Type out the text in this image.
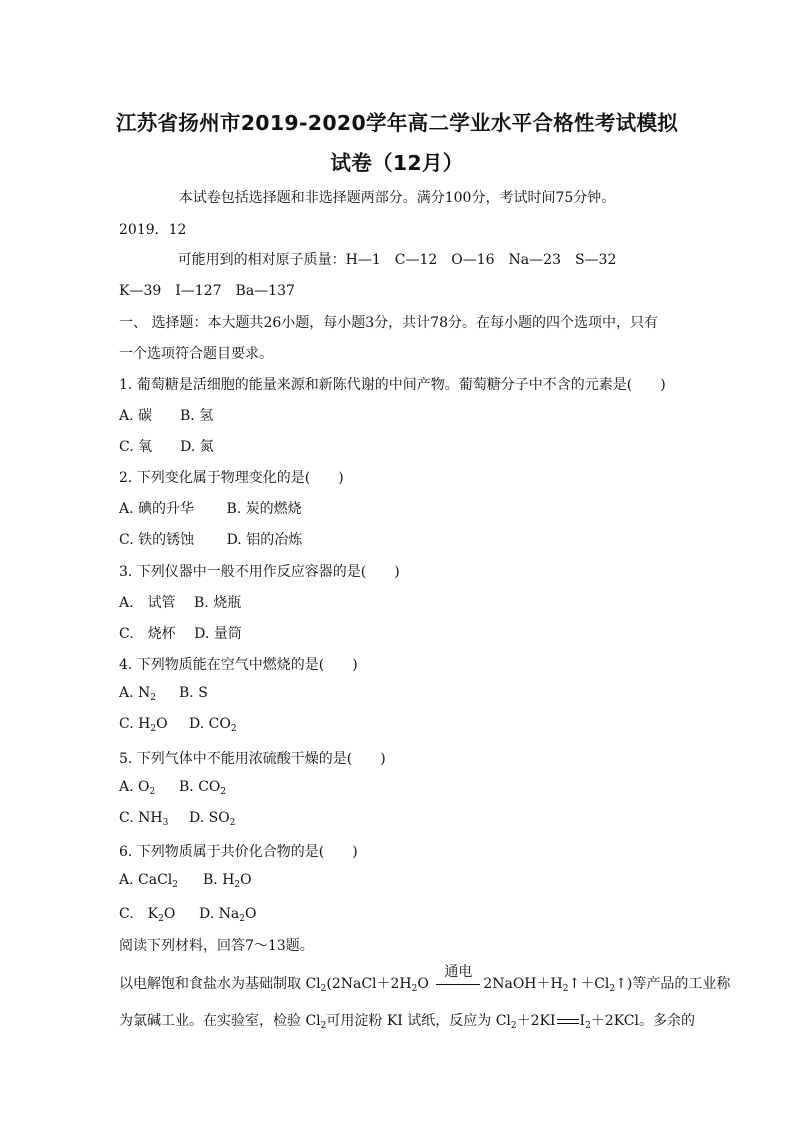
江苏省扬州市2019-2020学年高二学业水平合格性考试模拟
试卷（12月）
本试卷包括选择题和非选择题两部分。满分100分，考试时间75分钟。
2019．12
可能用到的相对原子质量：H—1　C—12　O—16　Na—23　S—32
K—39　I—127　Ba—137
一、 选择题：本大题共26小题，每小题3分，共计78分。在每小题的四个选项中，只有
一个选项符合题目要求。
1. 葡萄糖是活细胞的能量来源和新陈代谢的中间产物。葡萄糖分子中不含的元素是(　　)
A. 碳　　B. 氢
C. 氧　　D. 氮
2. 下列变化属于物理变化的是(　　)
A. 碘的升华　　 B. 炭的燃烧
C. 铁的锈蚀　　 D. 铝的冶炼
3. 下列仪器中一般不用作反应容器的是(　　)
A.　试管　 B. 烧瓶
C.　烧杯　 D. 量筒
4. 下列物质能在空气中燃烧的是(　　)
A. $N_2$ B. S
C. $H_2O$ D. $CO_2$
5. 下列气体中不能用浓硫酸干燥的是(　　)
A. $O_2$ B. $CO_2$
C. $NH_3$ D. $SO_2$
6. 下列物质属于共价化合物的是(　　)
A. CaCl$_2$ B. $H_2O$
C.　$K_2O$ D. $Na_2O$
阅读下列材料，回答7～13题。
以电解饱和食盐水为基础制取 $Cl_2(2NaCl+2H_2O$
通电
$2NaOH+H_2↑+Cl_2↑$)等产品的工业称
为氯碱工业。在实验室，检验 $Cl_2$可用淀粉 KI 试纸，反应为 $Cl_2+2KI$ $I_2+2KCl$。多余的
